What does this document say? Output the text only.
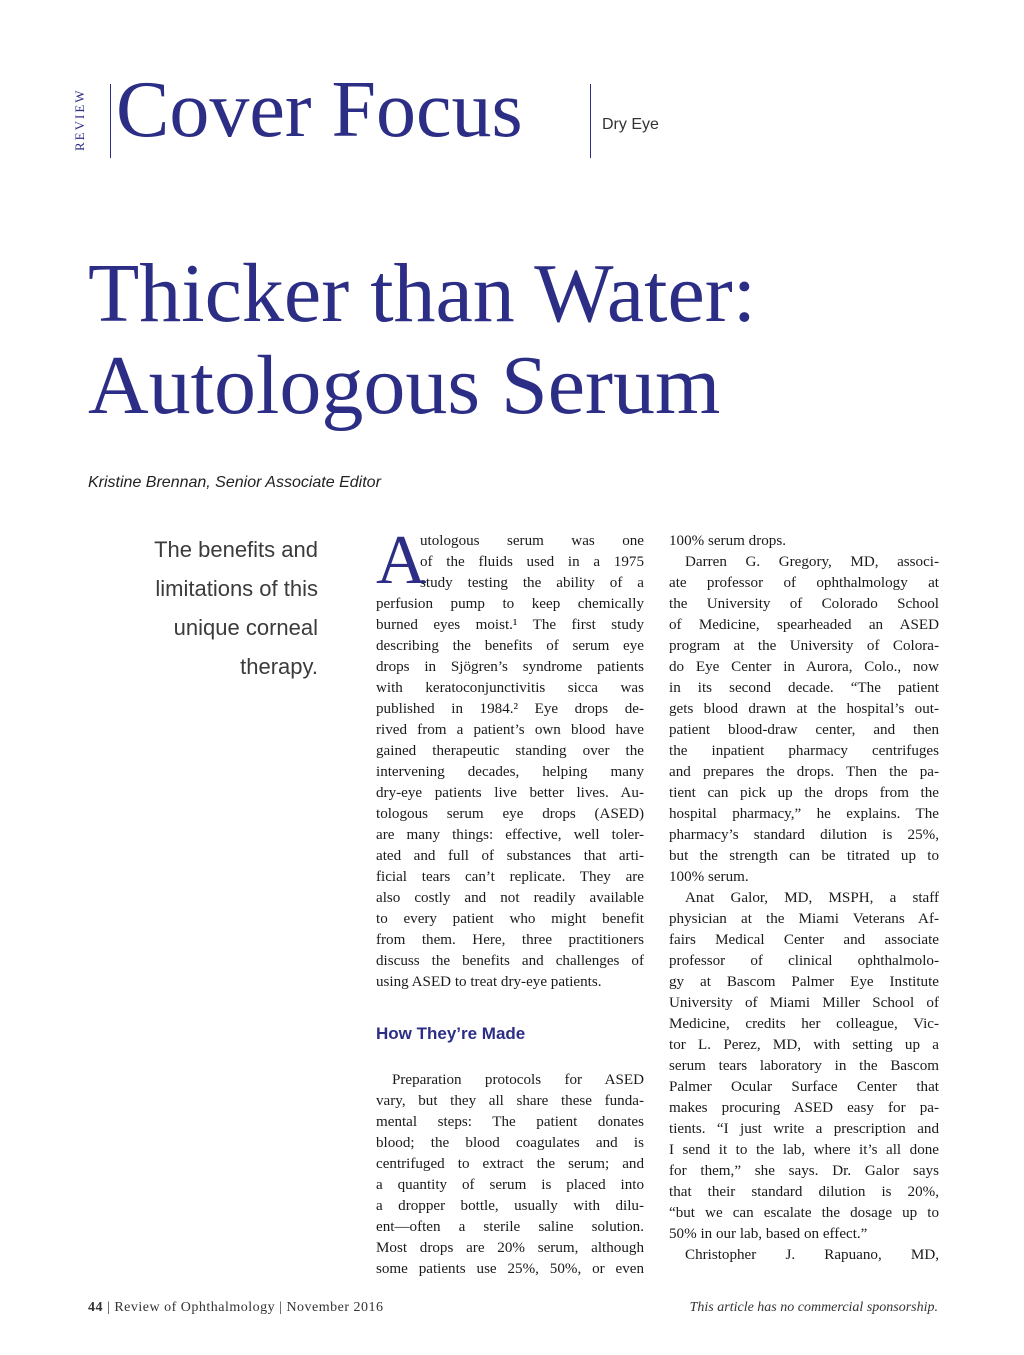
REVIEW Cover Focus	Dry Eye
Thicker than Water:
Autologous Serum
Kristine Brennan, Senior Associate Editor
The benefits and
limitations of this
unique corneal
therapy.
A
utologous serum was one
of the fluids used in a 1975
study testing the ability of a
perfusion pump to keep chemically
burned eyes moist.¹ The first study
describing the benefits of serum eye
drops in Sjögren’s syndrome patients
with keratoconjunctivitis sicca was
published in 1984.² Eye drops de-
rived from a patient’s own blood have
gained therapeutic standing over the
intervening decades, helping many
dry-eye patients live better lives. Au-
tologous serum eye drops (ASED)
are many things: effective, well toler-
ated and full of substances that arti-
ficial tears can’t replicate. They are
also costly and not readily available
to every patient who might benefit
from them. Here, three practitioners
discuss the benefits and challenges of
using ASED to treat dry-eye patients.
How They’re Made
Preparation protocols for ASED
vary, but they all share these funda-
mental steps: The patient donates
blood; the blood coagulates and is
centrifuged to extract the serum; and
a quantity of serum is placed into
a dropper bottle, usually with dilu-
ent—often a sterile saline solution.
Most drops are 20% serum, although
some patients use 25%, 50%, or even
100% serum drops.
Darren G. Gregory, MD, associ-
ate professor of ophthalmology at
the University of Colorado School
of Medicine, spearheaded an ASED
program at the University of Colora-
do Eye Center in Aurora, Colo., now
in its second decade. “The patient
gets blood drawn at the hospital’s out-
patient blood-draw center, and then
the inpatient pharmacy centrifuges
and prepares the drops. Then the pa-
tient can pick up the drops from the
hospital pharmacy,” he explains. The
pharmacy’s standard dilution is 25%,
but the strength can be titrated up to
100% serum.
Anat Galor, MD, MSPH, a staff
physician at the Miami Veterans Af-
fairs Medical Center and associate
professor of clinical ophthalmolo-
gy at Bascom Palmer Eye Institute
University of Miami Miller School of
Medicine, credits her colleague, Vic-
tor L. Perez, MD, with setting up a
serum tears laboratory in the Bascom
Palmer Ocular Surface Center that
makes procuring ASED easy for pa-
tients. “I just write a prescription and
I send it to the lab, where it’s all done
for them,” she says. Dr. Galor says
that their standard dilution is 20%,
“but we can escalate the dosage up to
50% in our lab, based on effect.”
Christopher J. Rapuano, MD,
44 | Review of Ophthalmology | November 2016	This article has no commercial sponsorship.
